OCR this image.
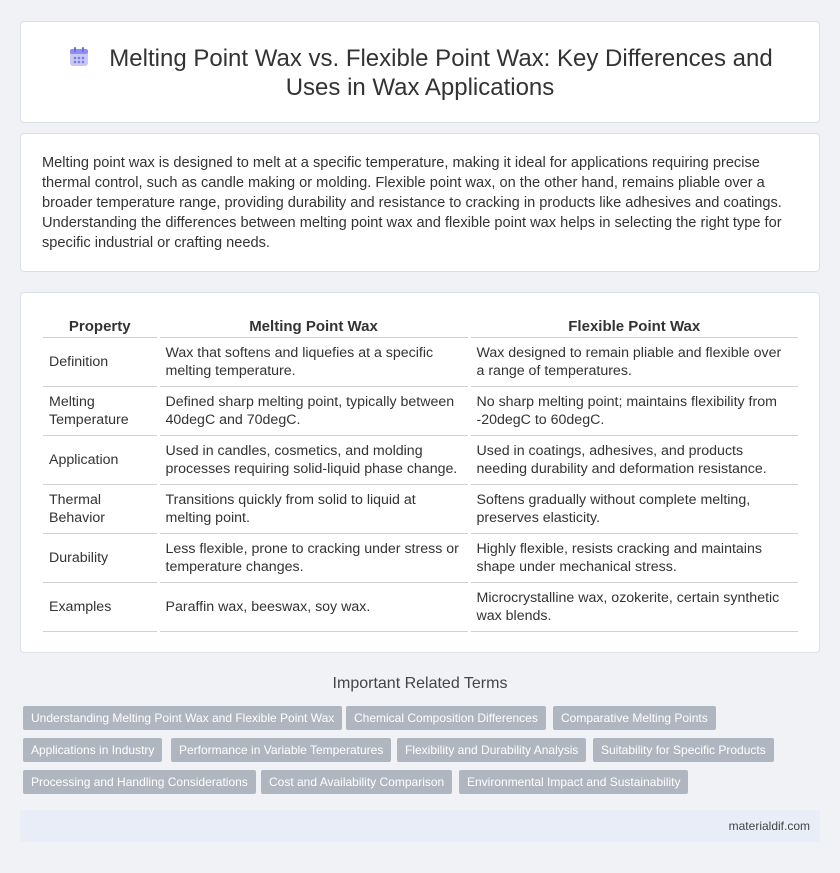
Melting Point Wax vs. Flexible Point Wax: Key Differences and
Uses in Wax Applications

Melting point wax is designed to melt at a specific temperature, making it ideal for applications requiring precise thermal control, such as candle making or molding. Flexible point wax, on the other hand, remains pliable over a broader temperature range, providing durability and resistance to cracking in products like adhesives and coatings. Understanding the differences between melting point wax and flexible point wax helps in selecting the right type for specific industrial or crafting needs.

Property	Melting Point Wax	Flexible Point Wax
Definition	Wax that softens and liquefies at a specific melting temperature.	Wax designed to remain pliable and flexible over a range of temperatures.
Melting Temperature	Defined sharp melting point, typically between 40degC and 70degC.	No sharp melting point; maintains flexibility from -20degC to 60degC.
Application	Used in candles, cosmetics, and molding processes requiring solid-liquid phase change.	Used in coatings, adhesives, and products needing durability and deformation resistance.
Thermal Behavior	Transitions quickly from solid to liquid at melting point.	Softens gradually without complete melting, preserves elasticity.
Durability	Less flexible, prone to cracking under stress or temperature changes.	Highly flexible, resists cracking and maintains shape under mechanical stress.
Examples	Paraffin wax, beeswax, soy wax.	Microcrystalline wax, ozokerite, certain synthetic wax blends.
Important Related Terms
Understanding Melting Point Wax and Flexible Point Wax	Chemical Composition Differences	Comparative Melting Points
Applications in Industry	Performance in Variable Temperatures	Flexibility and Durability Analysis	Suitability for Specific Products
Processing and Handling Considerations	Cost and Availability Comparison	Environmental Impact and Sustainability
materialdif.com
